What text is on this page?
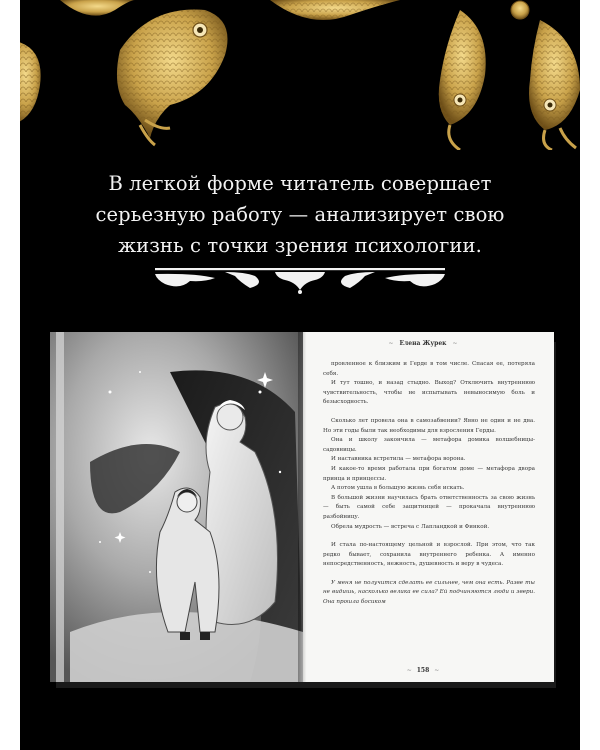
В легкой форме читатель совершает
серьезную работу — анализирует свою
жизнь с точки зрения психологии.
~ Елена Журек ~

провленное к близким и Герде в том числе. Спасая ее, потеряла себя.

И тут тошно, и назад стыдно. Выход? Отключить внутреннюю чувствительность, чтобы не испытывать невыносимую боль и безысходность.

Сколько лет провела она в самозабвении? Явно не один и не два. Но эти годы были так необходимы для взросления Герды.

Она и школу закончила — метафора домика волшебницы-садовницы.

И наставника встретила — метафора ворона.

И какое-то время работала при богатом доме — метафора двора принца и принцессы.

А потом ушла в большую жизнь себя искать.

В большой жизни научилась брать ответственность за свою жизнь — быть самой себе защитницей — прокачала внутреннюю разбойницу.

Обрела мудрость — встреча с Лапландкой и Финкой.

И стала по-настоящему цельной и взрослой. При этом, что так редко бывает, сохранила внутреннего ребенка. А именно непосредственность, нежность, душевность и веру в чудеса.

У меня не получится сделать ее сильнее, чем она есть. Разве ты не видишь, насколько велика ее сила? Ей подчиняются люди и звери. Она прошла босиком

~ 158 ~
